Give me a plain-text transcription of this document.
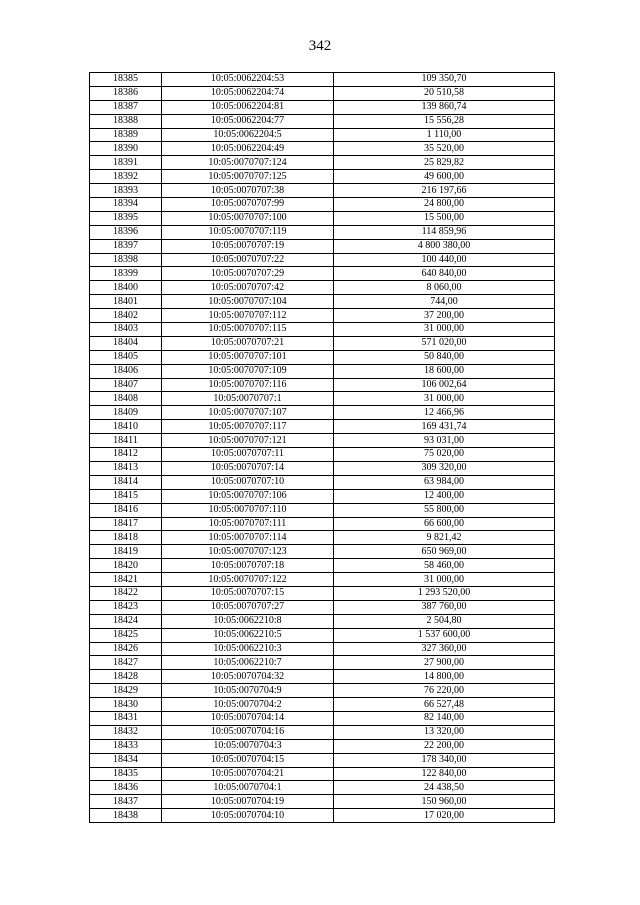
342
18385	10:05:0062204:53	109 350,70
18386	10:05:0062204:74	20 510,58
18387	10:05:0062204:81	139 860,74
18388	10:05:0062204:77	15 556,28
18389	10:05:0062204:5	1 110,00
18390	10:05:0062204:49	35 520,00
18391	10:05:0070707:124	25 829,82
18392	10:05:0070707:125	49 600,00
18393	10:05:0070707:38	216 197,66
18394	10:05:0070707:99	24 800,00
18395	10:05:0070707:100	15 500,00
18396	10:05:0070707:119	114 859,96
18397	10:05:0070707:19	4 800 380,00
18398	10:05:0070707:22	100 440,00
18399	10:05:0070707:29	640 840,00
18400	10:05:0070707:42	8 060,00
18401	10:05:0070707:104	744,00
18402	10:05:0070707:112	37 200,00
18403	10:05:0070707:115	31 000,00
18404	10:05:0070707:21	571 020,00
18405	10:05:0070707:101	50 840,00
18406	10:05:0070707:109	18 600,00
18407	10:05:0070707:116	106 002,64
18408	10:05:0070707:1	31 000,00
18409	10:05:0070707:107	12 466,96
18410	10:05:0070707:117	169 431,74
18411	10:05:0070707:121	93 031,00
18412	10:05:0070707:11	75 020,00
18413	10:05:0070707:14	309 320,00
18414	10:05:0070707:10	63 984,00
18415	10:05:0070707:106	12 400,00
18416	10:05:0070707:110	55 800,00
18417	10:05:0070707:111	66 600,00
18418	10:05:0070707:114	9 821,42
18419	10:05:0070707:123	650 969,00
18420	10:05:0070707:18	58 460,00
18421	10:05:0070707:122	31 000,00
18422	10:05:0070707:15	1 293 520,00
18423	10:05:0070707:27	387 760,00
18424	10:05:0062210:8	2 504,80
18425	10:05:0062210:5	1 537 600,00
18426	10:05:0062210:3	327 360,00
18427	10:05:0062210:7	27 900,00
18428	10:05:0070704:32	14 800,00
18429	10:05:0070704:9	76 220,00
18430	10:05:0070704:2	66 527,48
18431	10:05:0070704:14	82 140,00
18432	10:05:0070704:16	13 320,00
18433	10:05:0070704:3	22 200,00
18434	10:05:0070704:15	178 340,00
18435	10:05:0070704:21	122 840,00
18436	10:05:0070704:1	24 438,50
18437	10:05:0070704:19	150 960,00
18438	10:05:0070704:10	17 020,00
